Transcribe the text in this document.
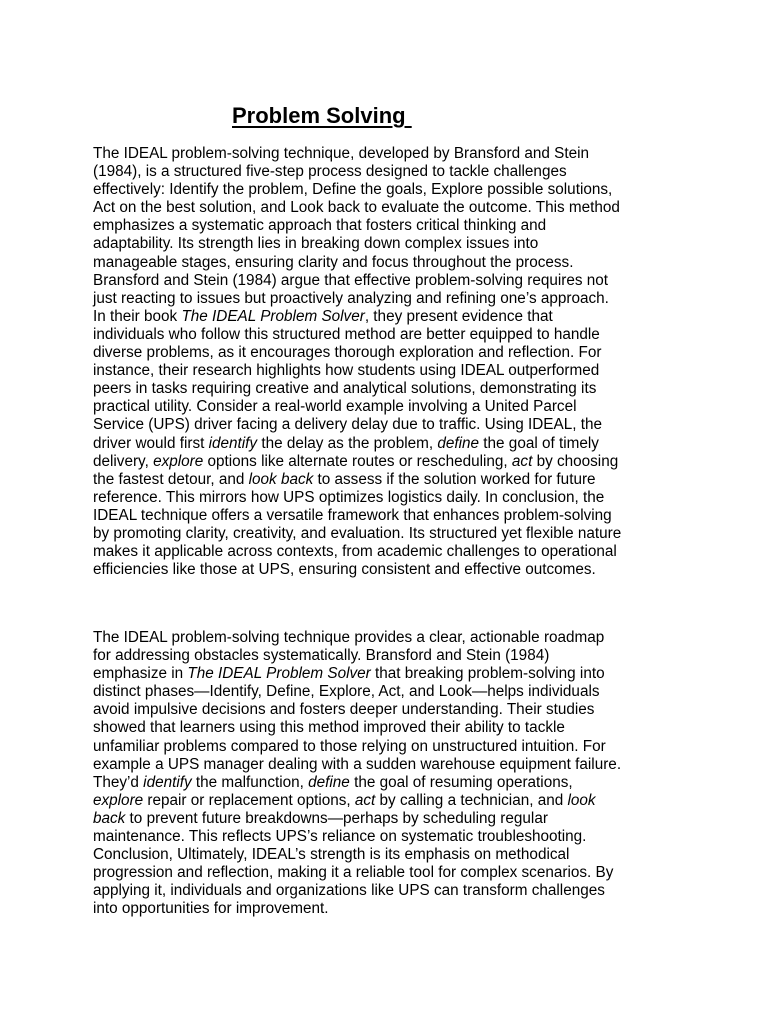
Problem Solving
The IDEAL problem-solving technique, developed by Bransford and Stein
(1984), is a structured five-step process designed to tackle challenges
effectively: Identify the problem, Define the goals, Explore possible solutions,
Act on the best solution, and Look back to evaluate the outcome. This method
emphasizes a systematic approach that fosters critical thinking and
adaptability. Its strength lies in breaking down complex issues into
manageable stages, ensuring clarity and focus throughout the process.
Bransford and Stein (1984) argue that effective problem-solving requires not
just reacting to issues but proactively analyzing and refining one’s approach.
In their book The IDEAL Problem Solver, they present evidence that
individuals who follow this structured method are better equipped to handle
diverse problems, as it encourages thorough exploration and reflection. For
instance, their research highlights how students using IDEAL outperformed
peers in tasks requiring creative and analytical solutions, demonstrating its
practical utility. Consider a real-world example involving a United Parcel
Service (UPS) driver facing a delivery delay due to traffic. Using IDEAL, the
driver would first identify the delay as the problem, define the goal of timely
delivery, explore options like alternate routes or rescheduling, act by choosing
the fastest detour, and look back to assess if the solution worked for future
reference. This mirrors how UPS optimizes logistics daily. In conclusion, the
IDEAL technique offers a versatile framework that enhances problem-solving
by promoting clarity, creativity, and evaluation. Its structured yet flexible nature
makes it applicable across contexts, from academic challenges to operational
efficiencies like those at UPS, ensuring consistent and effective outcomes.
The IDEAL problem-solving technique provides a clear, actionable roadmap
for addressing obstacles systematically. Bransford and Stein (1984)
emphasize in The IDEAL Problem Solver that breaking problem-solving into
distinct phases—Identify, Define, Explore, Act, and Look—helps individuals
avoid impulsive decisions and fosters deeper understanding. Their studies
showed that learners using this method improved their ability to tackle
unfamiliar problems compared to those relying on unstructured intuition. For
example a UPS manager dealing with a sudden warehouse equipment failure.
They’d identify the malfunction, define the goal of resuming operations,
explore repair or replacement options, act by calling a technician, and look
back to prevent future breakdowns—perhaps by scheduling regular
maintenance. This reflects UPS’s reliance on systematic troubleshooting.
Conclusion, Ultimately, IDEAL’s strength is its emphasis on methodical
progression and reflection, making it a reliable tool for complex scenarios. By
applying it, individuals and organizations like UPS can transform challenges
into opportunities for improvement.
